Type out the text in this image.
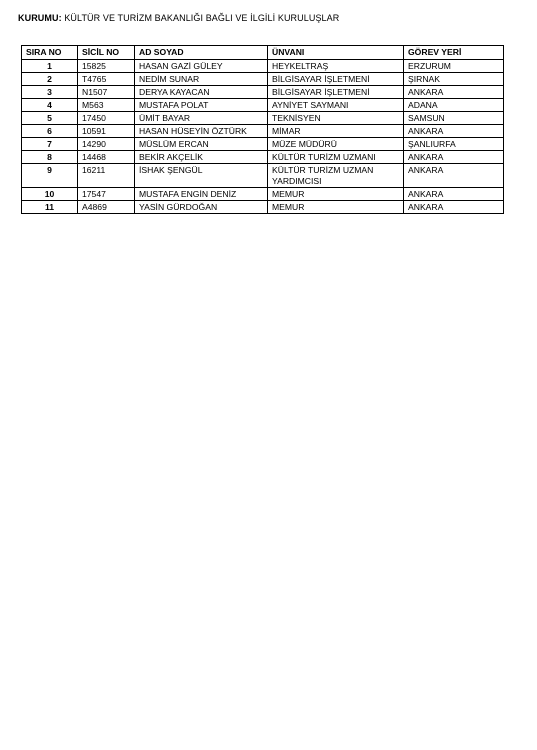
KURUMU: KÜLTÜR VE TURİZM BAKANLIĞI BAĞLI VE İLGİLİ KURULUŞLAR
SIRA NO	SİCİL NO	AD SOYAD	ÜNVANI	GÖREV YERİ
1	15825	HASAN GAZİ GÜLEY	HEYKELTRAŞ	ERZURUM
2	T4765	NEDİM SUNAR	BİLGİSAYAR İŞLETMENİ	ŞIRNAK
3	N1507	DERYA KAYACAN	BİLGİSAYAR İŞLETMENİ	ANKARA
4	M563	MUSTAFA POLAT	AYNİYET SAYMANI	ADANA
5	17450	ÜMİT BAYAR	TEKNİSYEN	SAMSUN
6	10591	HASAN HÜSEYİN ÖZTÜRK	MİMAR	ANKARA
7	14290	MÜSLÜM ERCAN	MÜZE MÜDÜRÜ	ŞANLIURFA
8	14468	BEKİR AKÇELİK	KÜLTÜR TURİZM UZMANI	ANKARA
9	16211	İSHAK ŞENGÜL	KÜLTÜR TURİZM UZMAN YARDIMCISI	ANKARA
10	17547	MUSTAFA ENGİN DENİZ	MEMUR	ANKARA
11	A4869	YASİN GÜRDOĞAN	MEMUR	ANKARA
